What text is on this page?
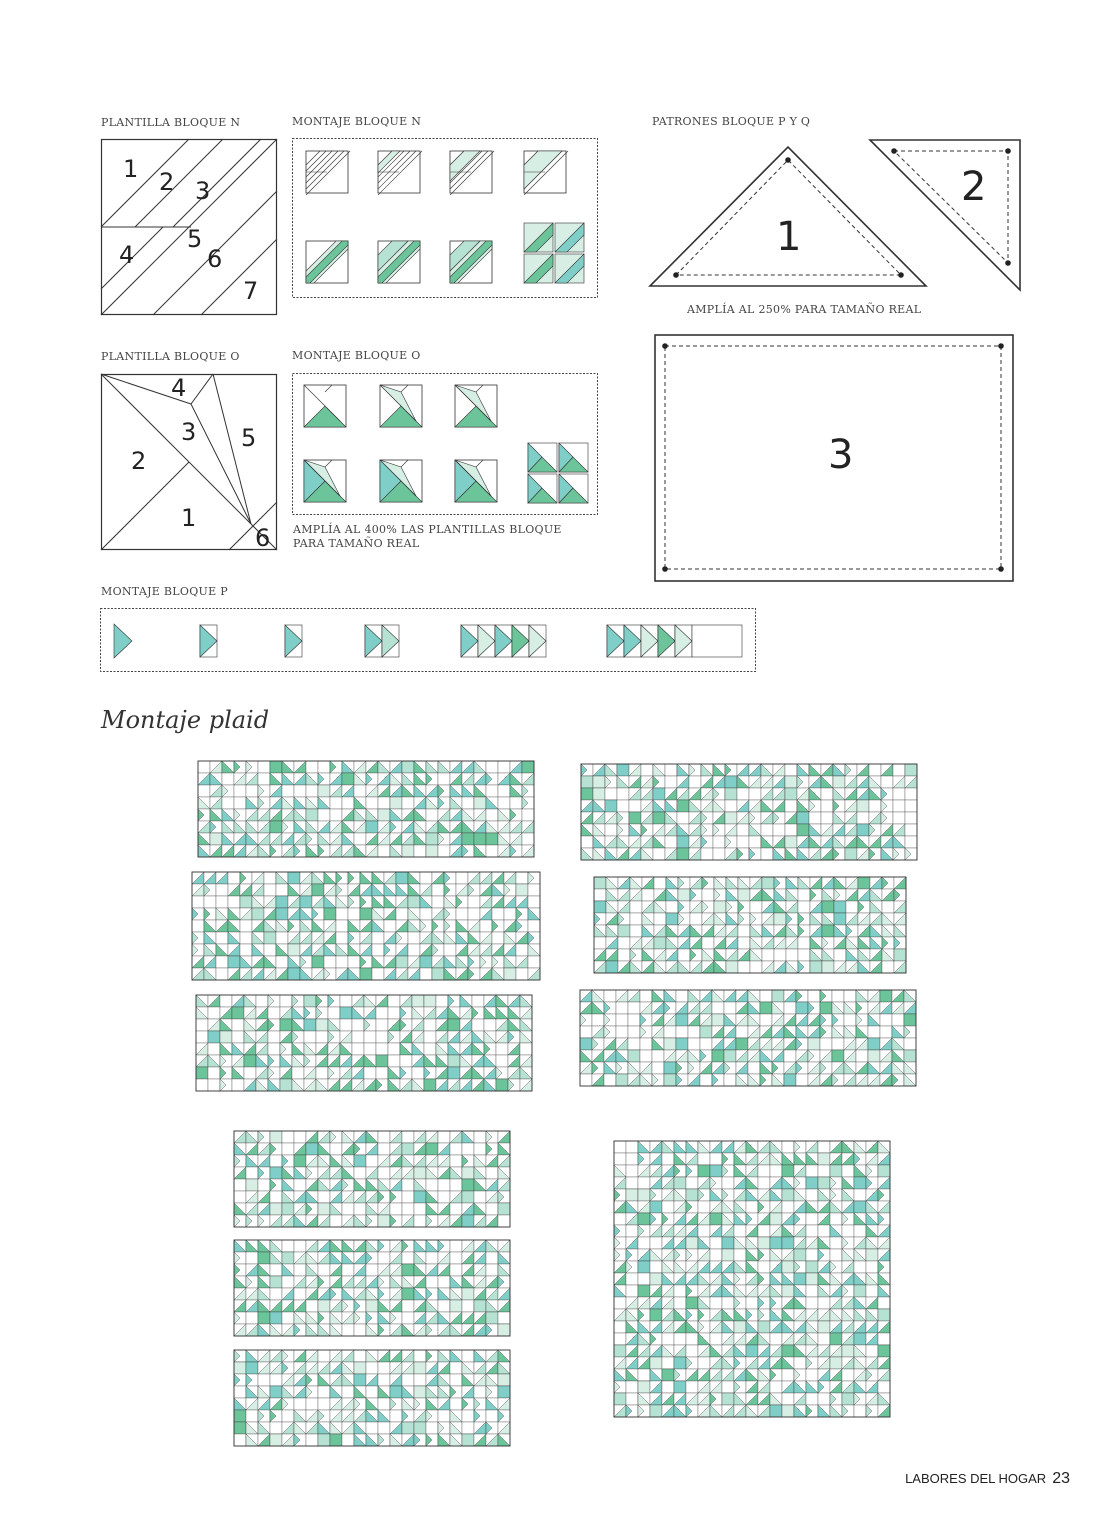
PLANTILLA BLOQUE N	MONTAJE BLOQUE N	PATRONES BLOQUE P Y Q
AMPLÍA AL 250% PARA TAMAÑO REAL
PLANTILLA BLOQUE O	MONTAJE BLOQUE O
AMPLÍA AL 400% LAS PLANTILLAS BLOQUE
PARA TAMAÑO REAL
MONTAJE BLOQUE P
1 2 3
4
5
6
7
1
2
3
1
2
3
4
5
6
Montaje plaid
LABORES DEL HOGAR 23
